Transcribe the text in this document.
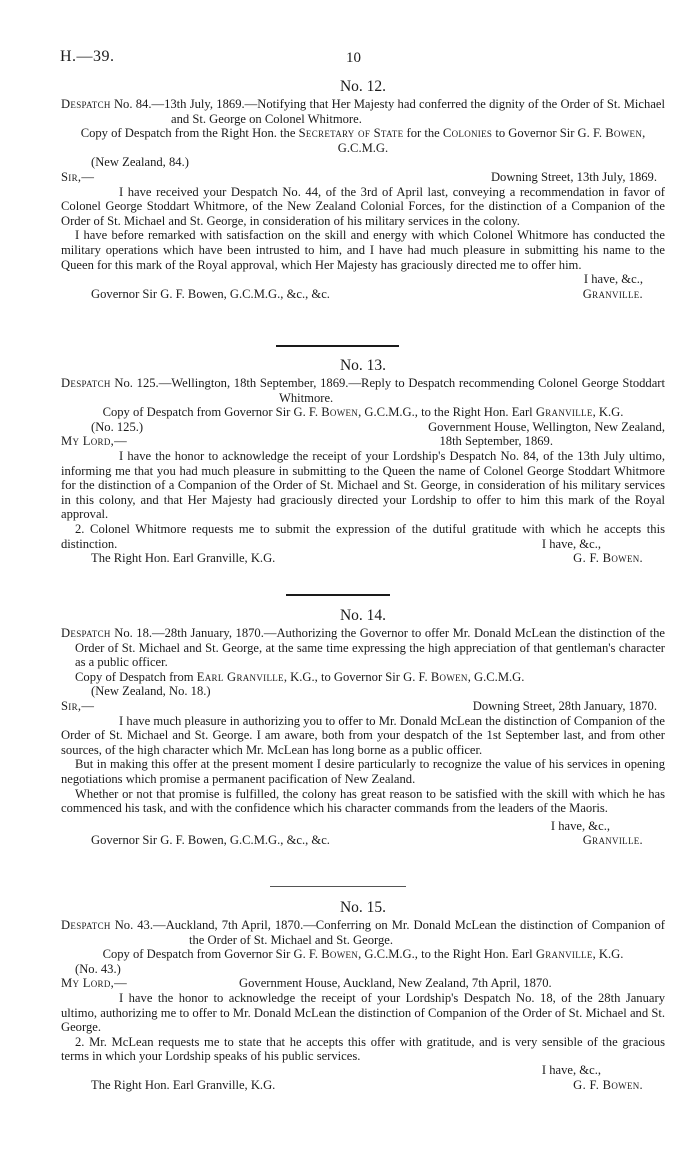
H.—39.	10
No. 12.
Despatch No. 84.—13th July, 1869.—Notifying that Her Majesty had conferred the dignity of the Order of St. Michael and St. George on Colonel Whitmore.
Copy of Despatch from the Right Hon. the Secretary of State for the Colonies to Governor Sir G. F. Bowen, G.C.M.G.
(New Zealand, 84.)
Sir,—	Downing Street, 13th July, 1869.
I have received your Despatch No. 44, of the 3rd of April last, conveying a recommendation in favor of Colonel George Stoddart Whitmore, of the New Zealand Colonial Forces, for the distinction of a Companion of the Order of St. Michael and St. George, in consideration of his military services in the colony.
I have before remarked with satisfaction on the skill and energy with which Colonel Whitmore has conducted the military operations which have been intrusted to him, and I have had much pleasure in submitting his name to the Queen for this mark of the Royal approval, which Her Majesty has graciously directed me to offer him.
I have, &c.,
Governor Sir G. F. Bowen, G.C.M.G., &c., &c.	Granville.
No. 13.
Despatch No. 125.—Wellington, 18th September, 1869.—Reply to Despatch recommending Colonel George Stoddart Whitmore.
Copy of Despatch from Governor Sir G. F. Bowen, G.C.M.G., to the Right Hon. Earl Granville, K.G.
(No. 125.)	Government House, Wellington, New Zealand,
My Lord,—	18th September, 1869.
I have the honor to acknowledge the receipt of your Lordship's Despatch No. 84, of the 13th July ultimo, informing me that you had much pleasure in submitting to the Queen the name of Colonel George Stoddart Whitmore for the distinction of a Companion of the Order of St. Michael and St. George, in consideration of his military services in this colony, and that Her Majesty had graciously directed your Lordship to offer to him this mark of the Royal approval.
2. Colonel Whitmore requests me to submit the expression of the dutiful gratitude with which he accepts this distinction.	I have, &c.,
The Right Hon. Earl Granville, K.G.	G. F. Bowen.
No. 14.
Despatch No. 18.—28th January, 1870.—Authorizing the Governor to offer Mr. Donald McLean the distinction of the Order of St. Michael and St. George, at the same time expressing the high appreciation of that gentleman's character as a public officer.
Copy of Despatch from Earl Granville, K.G., to Governor Sir G. F. Bowen, G.C.M.G.
(New Zealand, No. 18.)
Sir,—	Downing Street, 28th January, 1870.
I have much pleasure in authorizing you to offer to Mr. Donald McLean the distinction of Companion of the Order of St. Michael and St. George. I am aware, both from your despatch of the 1st September last, and from other sources, of the high character which Mr. McLean has long borne as a public officer.
But in making this offer at the present moment I desire particularly to recognize the value of his services in opening negotiations which promise a permanent pacification of New Zealand.
Whether or not that promise is fulfilled, the colony has great reason to be satisfied with the skill with which he has commenced his task, and with the confidence which his character commands from the leaders of the Maoris.
I have, &c.,
Governor Sir G. F. Bowen, G.C.M.G., &c., &c.	Granville.
No. 15.
Despatch No. 43.—Auckland, 7th April, 1870.—Conferring on Mr. Donald McLean the distinction of Companion of the Order of St. Michael and St. George.
Copy of Despatch from Governor Sir G. F. Bowen, G.C.M.G., to the Right Hon. Earl Granville, K.G.
(No. 43.)
My Lord,—	Government House, Auckland, New Zealand, 7th April, 1870.
I have the honor to acknowledge the receipt of your Lordship's Despatch No. 18, of the 28th January ultimo, authorizing me to offer to Mr. Donald McLean the distinction of Companion of the Order of St. Michael and St. George.
2. Mr. McLean requests me to state that he accepts this offer with gratitude, and is very sensible of the gracious terms in which your Lordship speaks of his public services.
I have, &c.,
The Right Hon. Earl Granville, K.G.	G. F. Bowen.
